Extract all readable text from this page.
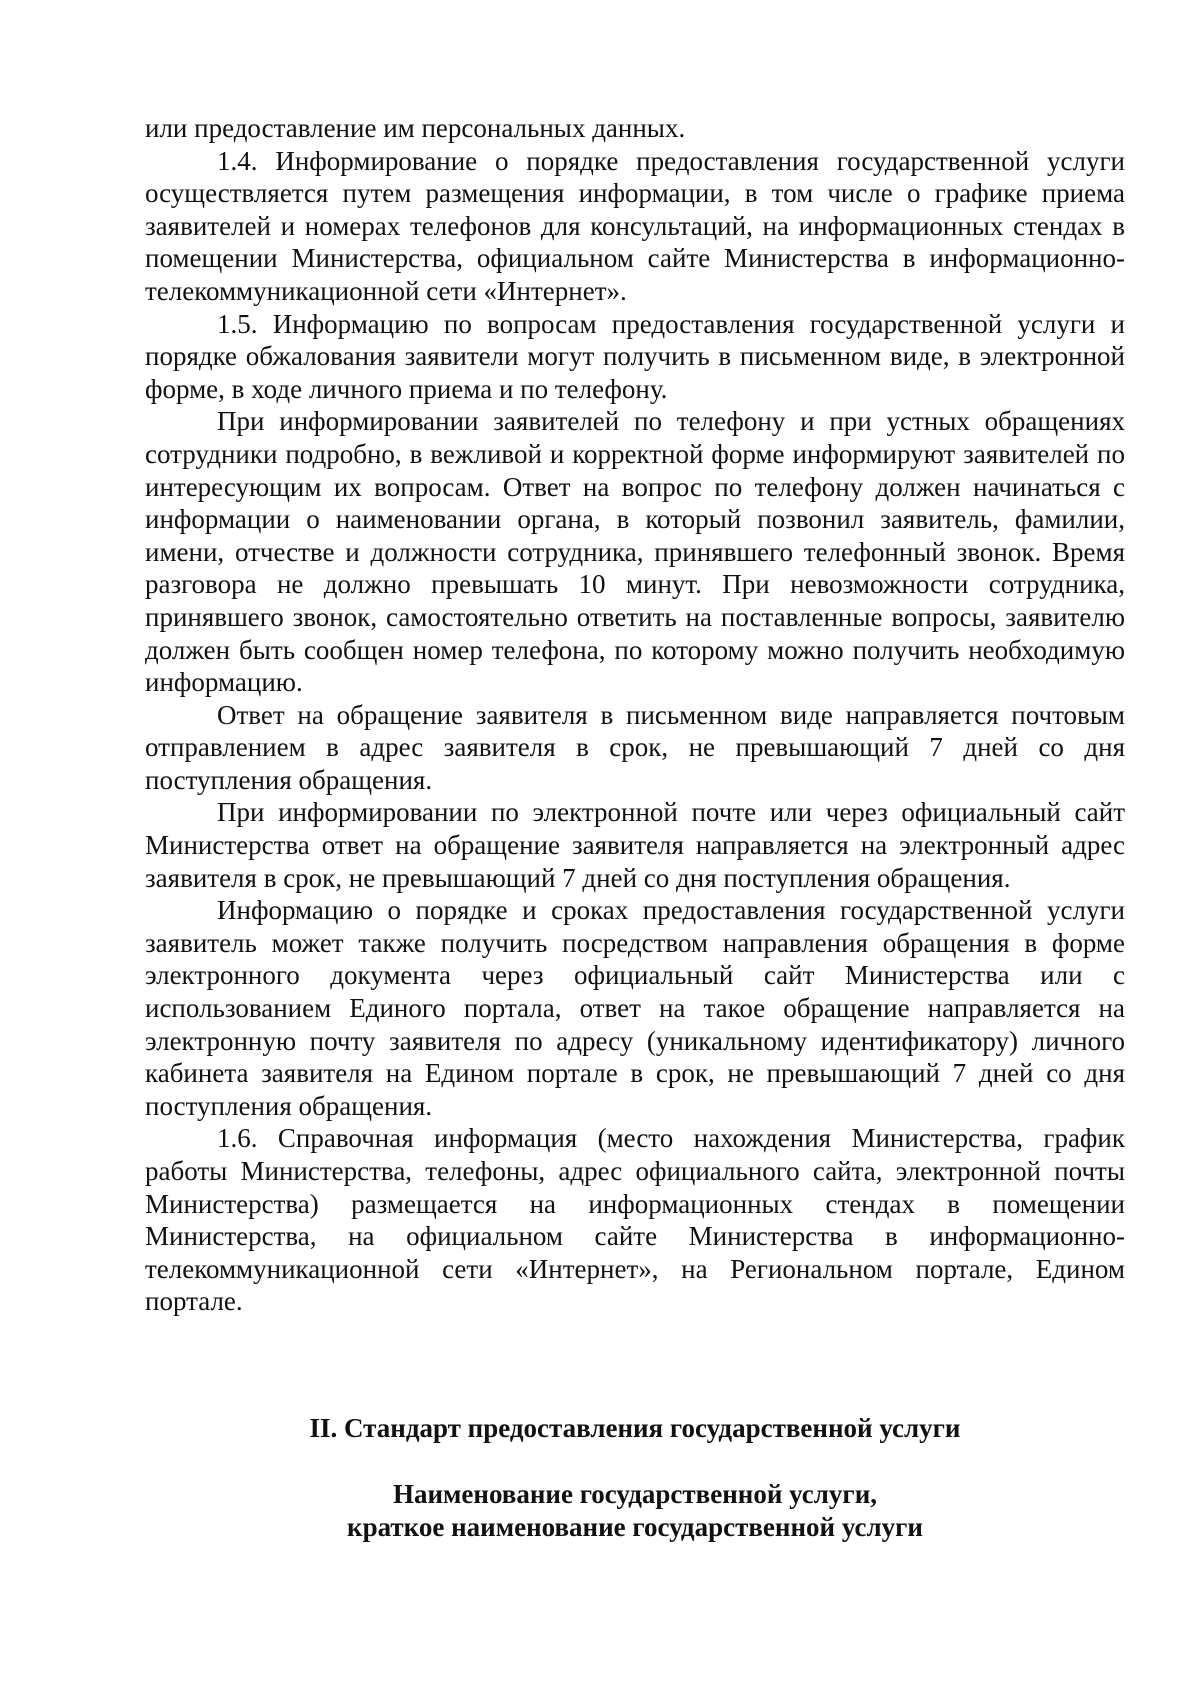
или предоставление им персональных данных.

1.4. Информирование о порядке предоставления государственной услуги осуществляется путем размещения информации, в том числе о графике приема заявителей и номерах телефонов для консультаций, на информационных стендах в помещении Министерства, официальном сайте Министерства в информационно-телекоммуникационной сети «Интернет».

1.5. Информацию по вопросам предоставления государственной услуги и порядке обжалования заявители могут получить в письменном виде, в электронной форме, в ходе личного приема и по телефону.

При информировании заявителей по телефону и при устных обращениях сотрудники подробно, в вежливой и корректной форме информируют заявителей по интересующим их вопросам. Ответ на вопрос по телефону должен начинаться с информации о наименовании органа, в который позвонил заявитель, фамилии, имени, отчестве и должности сотрудника, принявшего телефонный звонок. Время разговора не должно превышать 10 минут. При невозможности сотрудника, принявшего звонок, самостоятельно ответить на поставленные вопросы, заявителю должен быть сообщен номер телефона, по которому можно получить необходимую информацию.

Ответ на обращение заявителя в письменном виде направляется почтовым отправлением в адрес заявителя в срок, не превышающий 7 дней со дня поступления обращения.

При информировании по электронной почте или через официальный сайт Министерства ответ на обращение заявителя направляется на электронный адрес заявителя в срок, не превышающий 7 дней со дня поступления обращения.

Информацию о порядке и сроках предоставления государственной услуги заявитель может также получить посредством направления обращения в форме электронного документа через официальный сайт Министерства или с использованием Единого портала, ответ на такое обращение направляется на электронную почту заявителя по адресу (уникальному идентификатору) личного кабинета заявителя на Едином портале в срок, не превышающий 7 дней со дня поступления обращения.

1.6. Справочная информация (место нахождения Министерства, график работы Министерства, телефоны, адрес официального сайта, электронной почты Министерства) размещается на информационных стендах в помещении Министерства, на официальном сайте Министерства в информационно-телекоммуникационной сети «Интернет», на Региональном портале, Едином портале.

II. Стандарт предоставления государственной услуги
Наименование государственной услуги,
краткое наименование государственной услуги
